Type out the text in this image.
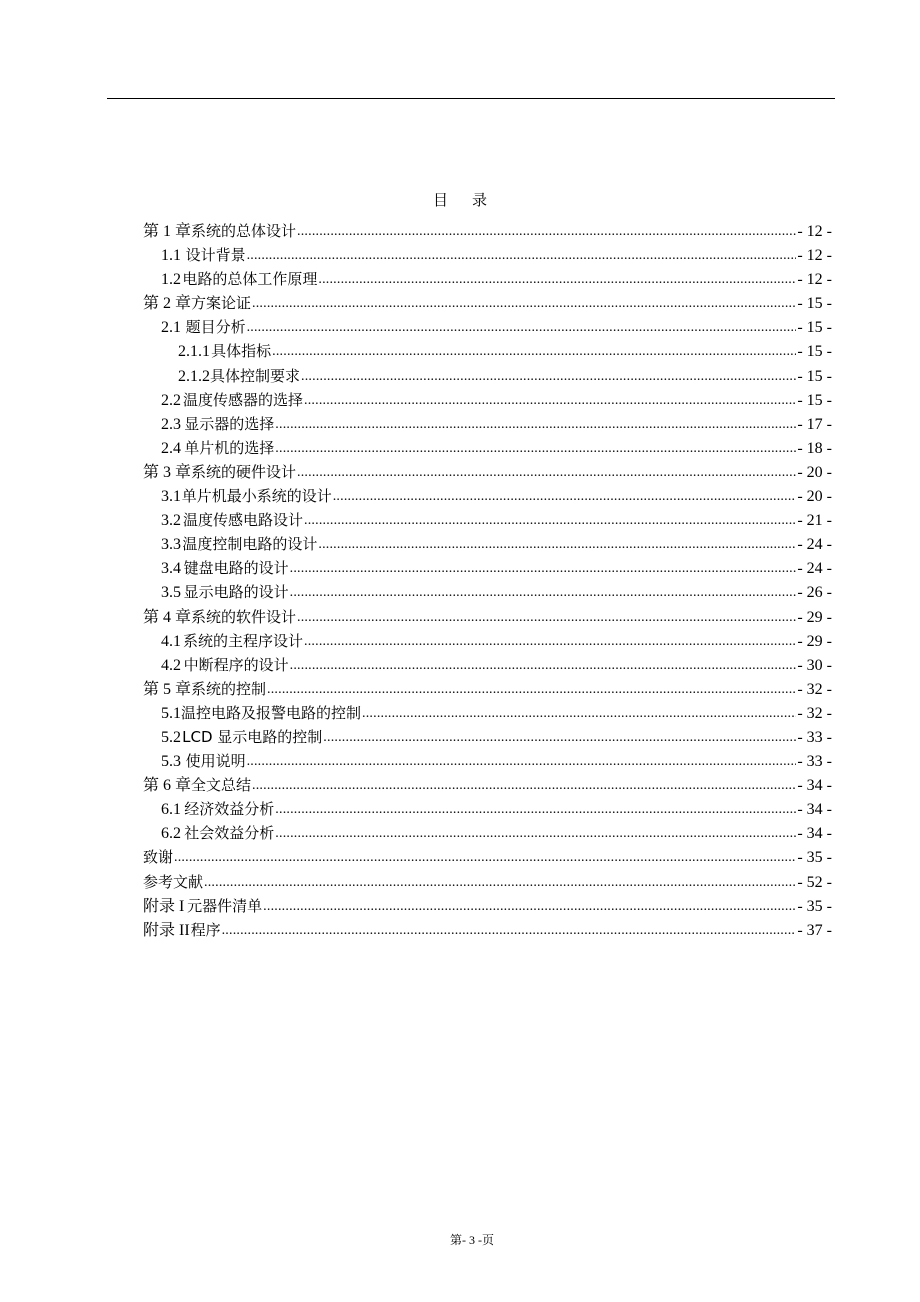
目录
第 1 章 系统的总体设计 .....	- 12 -
1.1 设计背景 .....	- 12 -
1.2 电路的总体工作原理 .....	- 12 -
第 2 章 方案论证 .....	- 15 -
2.1 题目分析 .....	- 15 -
2.1.1 具体指标 .....	- 15 -
2.1.2 具体控制要求 .....	- 15 -
2.2 温度传感器的选择 .....	- 15 -
2.3 显示器的选择 .....	- 17 -
2.4 单片机的选择 .....	- 18 -
第 3 章 系统的硬件设计 .....	- 20 -
3.1 单片机最小系统的设计 .....	- 20 -
3.2 温度传感电路设计 .....	- 21 -
3.3 温度控制电路的设计 .....	- 24 -
3.4 键盘电路的设计 .....	- 24 -
3.5 显示电路的设计 .....	- 26 -
第 4 章 系统的软件设计 .....	- 29 -
4.1 系统的主程序设计 .....	- 29 -
4.2 中断程序的设计 .....	- 30 -
第 5 章 系统的控制 .....	- 32 -
5.1 温控电路及报警电路的控制 .....	- 32 -
5.2 LCD 显示电路的控制 .....	- 33 -
5.3 使用说明 .....	- 33 -
第 6 章 全文总结 .....	- 34 -
6.1 经济效益分析 .....	- 34 -
6.2 社会效益分析 .....	- 34 -
致谢 .....	- 35 -
参考文献 .....	- 52 -
附录 I 元器件清单 .....	- 35 -
附录 II 程序 .....	- 37 -
第- 3 -页
